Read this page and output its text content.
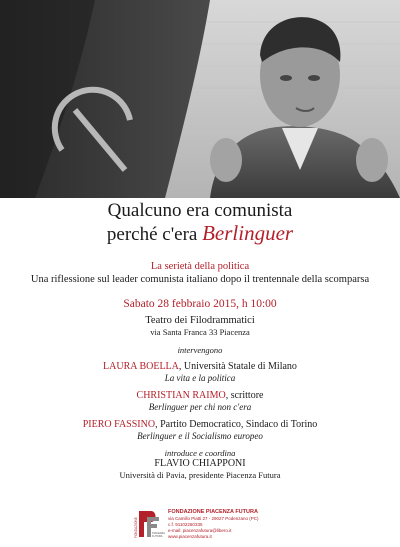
Qualcuno era comunista
perché c'era Berlinguer
La serietà della politica
Una riflessione sul leader comunista italiano dopo il trentennale della scomparsa
Sabato 28 febbraio 2015, h 10:00
Teatro dei Filodrammatici
via Santa Franca 33 Piacenza
intervengono
LAURA BOELLA, Università Statale di Milano
La vita e la politica
CHRISTIAN RAIMO, scrittore
Berlinguer per chi non c'era
PIERO FASSINO, Partito Democratico, Sindaco di Torino
Berlinguer e il Socialismo europeo
introduce e coordina
FLAVIO CHIAPPONI
Università di Pavia, presidente Piacenza Futura
FONDAZIONE	PIACENZA
FUTURA
FONDAZIONE PIACENZA FUTURA
via Camillo Piatti 27 - 29027 Podenzano (PC)
c.f. 91102260335
e-mail: piacenzafutura@libero.it
www.piacenzafutura.it
